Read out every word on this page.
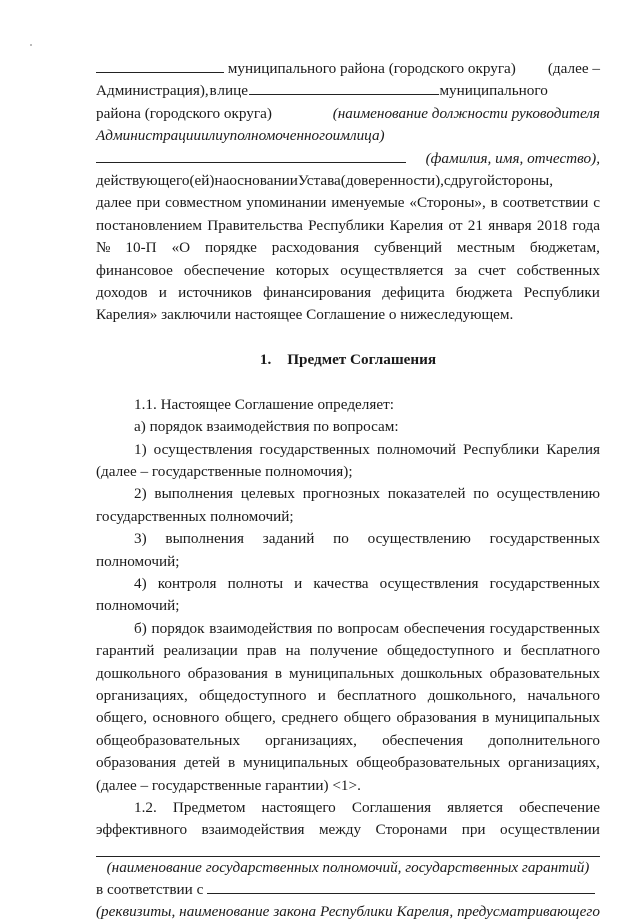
муниципального района (городского округа) (далее –
Администрация), в лице	муниципального
района (городского округа)	(наименование должности руководителя
Администрации или уполномоченного им лица)
(фамилия, имя, отчество),
действующего (ей) на основании Устава (доверенности), с другой стороны,
далее при совместном упоминании именуемые «Стороны», в соответствии с
постановлением Правительства Республики Карелия от 21 января 2018 года
№ 10-П «О порядке расходования субвенций местным бюджетам,
финансовое обеспечение которых осуществляется за счет собственных
доходов и источников финансирования дефицита бюджета Республики
Карелия» заключили настоящее Соглашение о нижеследующем.
1. Предмет Соглашения
1.1. Настоящее Соглашение определяет:
а) порядок взаимодействия по вопросам:
1) осуществления государственных полномочий Республики Карелия
(далее – государственные полномочия);
2) выполнения целевых прогнозных показателей по осуществлению
государственных полномочий;
3) выполнения заданий по осуществлению государственных
полномочий;
4) контроля полноты и качества осуществления государственных
полномочий;
б) порядок взаимодействия по вопросам обеспечения государственных
гарантий реализации прав на получение общедоступного и бесплатного
дошкольного образования в муниципальных дошкольных образовательных
организациях, общедоступного и бесплатного дошкольного, начального
общего, основного общего, среднего общего образования в муниципальных
общеобразовательных организациях, обеспечения дополнительного
образования детей в муниципальных общеобразовательных организациях,
(далее – государственные гарантии) <1>.
1.2. Предметом настоящего Соглашения является обеспечение
эффективного взаимодействия между Сторонами при осуществлении
(наименование государственных полномочий, государственных гарантий)
в соответствии с
(реквизиты, наименование закона Республики Карелия, предусматривающего
